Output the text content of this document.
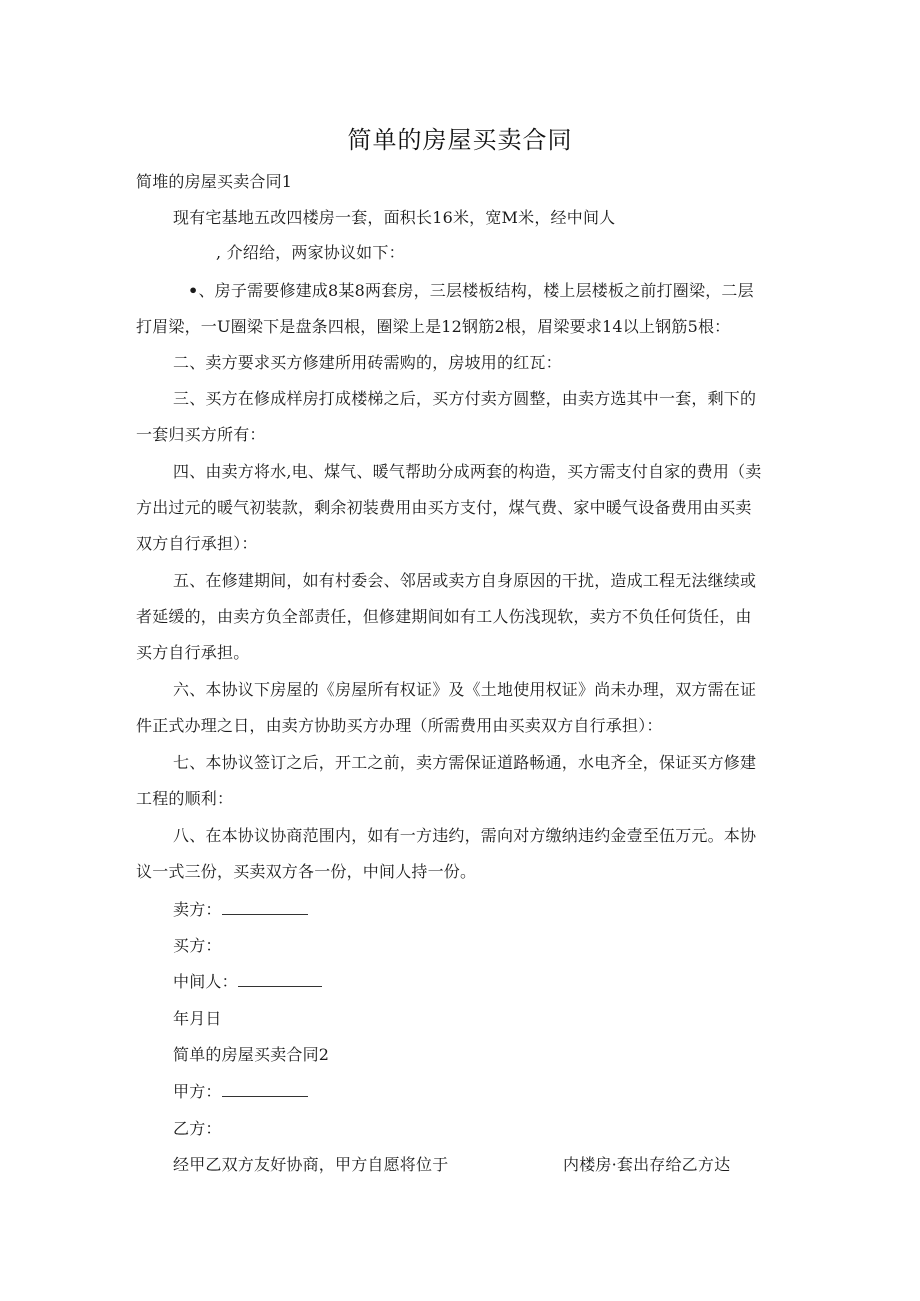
简单的房屋买卖合同
简堆的房屋买卖合同1
现有宅基地五改四楼房一套，面积长16米，宽M米，经中间人
, 介绍给，两家协议如下：
•、房子需要修建成8某8两套房，三层楼板结构，楼上层楼板之前打圈梁，二层
打眉梁，一U圈梁下是盘条四根，圈梁上是12钢筋2根，眉梁要求14以上钢筋5根：
二、卖方要求买方修建所用砖需购的，房坡用的红瓦：
三、买方在修成样房打成楼梯之后，买方付卖方圆整，由卖方选其中一套，剩下的
一套归买方所有：
四、由卖方将水,电、煤气、暖气帮助分成两套的构造，买方需支付自家的费用（卖
方出过元的暖气初装款，剩余初装费用由买方支付，煤气费、家中暖气设备费用由买卖
双方自行承担）：
五、在修建期间，如有村委会、邻居或卖方自身原因的干扰，造成工程无法继续或
者延缓的，由卖方负全部责任，但修建期间如有工人伤浅现软，卖方不负任何货任，由
买方自行承担。
六、本协议下房屋的《房屋所有权证》及《土地使用权证》尚未办理，双方需在证
件正式办理之日，由卖方协助买方办理（所需费用由买卖双方自行承担）：
七、本协议签订之后，开工之前，卖方需保证道路畅通，水电齐全，保证买方修建
工程的顺利：
八、在本协议协商范围内，如有一方违约，需向对方缴纳违约金壹至伍万元。本协
议一式三份，买卖双方各一份，中间人持一份。
卖方：
买方：
中间人：
年月日
简单的房屋买卖合同2
甲方：
乙方：
经甲乙双方友好协商，甲方自愿将位于	内楼房·套出存给乙方达
